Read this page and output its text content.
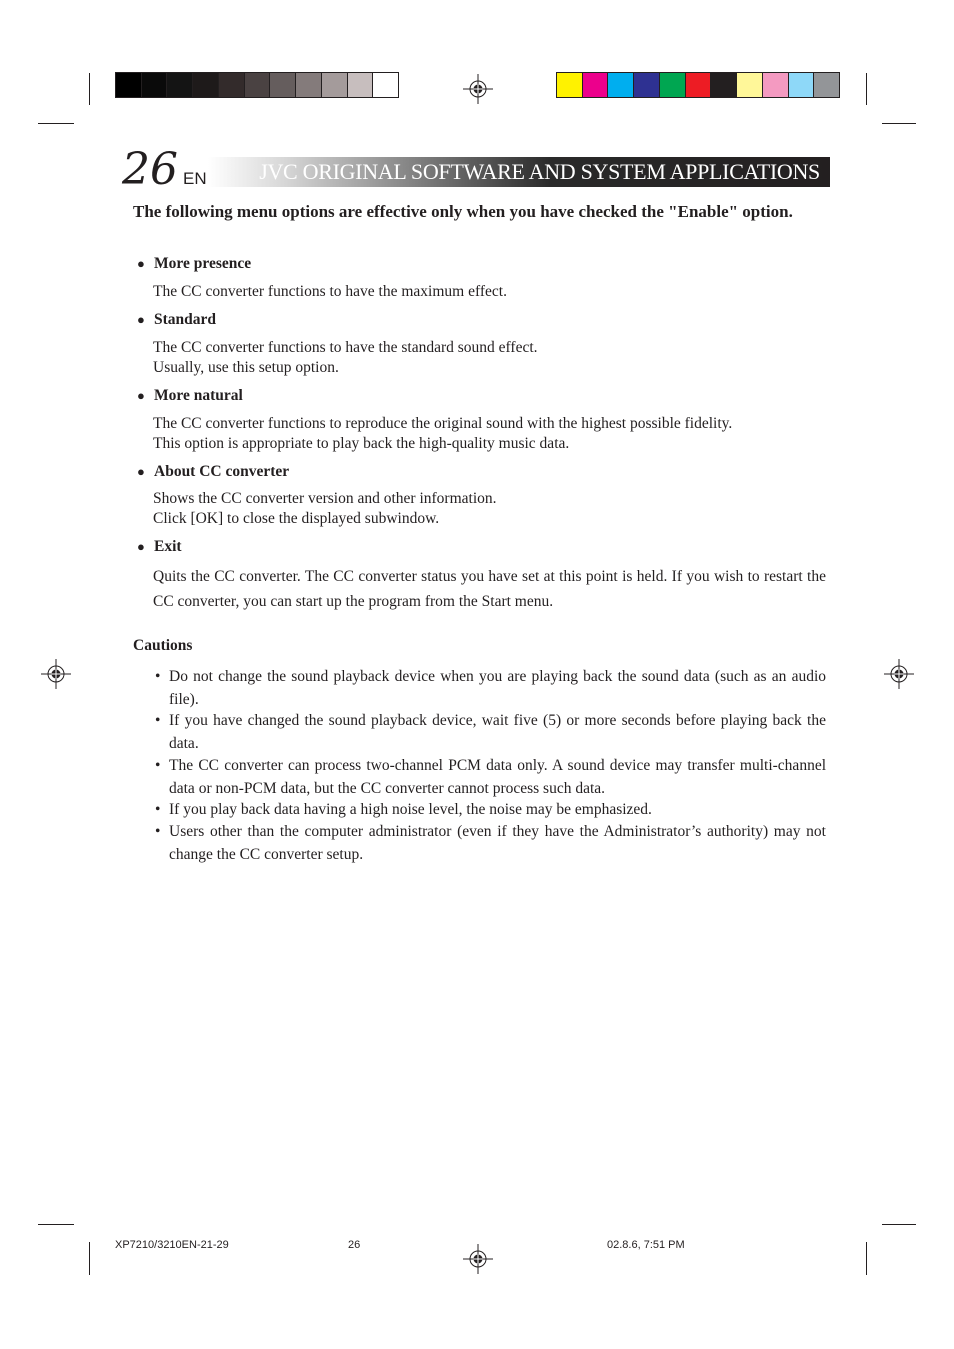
26 EN JVC ORIGINAL SOFTWARE AND SYSTEM APPLICATIONS
The following menu options are effective only when you have checked the "Enable" option.
● More presence
The CC converter functions to have the maximum effect.
● Standard
The CC converter functions to have the standard sound effect.
Usually, use this setup option.
● More natural
The CC converter functions to reproduce the original sound with the highest possible fidelity.
This option is appropriate to play back the high-quality music data.
● About CC converter
Shows the CC converter version and other information.
Click [OK] to close the displayed subwindow.
● Exit
Quits the CC converter. The CC converter status you have set at this point is held. If you wish to restart the CC converter, you can start up the program from the Start menu.
Cautions
• Do not change the sound playback device when you are playing back the sound data (such as an audio file).
• If you have changed the sound playback device, wait five (5) or more seconds before playing back the data.
• The CC converter can process two-channel PCM data only. A sound device may transfer multi-channel data or non-PCM data, but the CC converter cannot process such data.
• If you play back data having a high noise level, the noise may be emphasized.
• Users other than the computer administrator (even if they have the Administrator’s authority) may not change the CC converter setup.
XP7210/3210EN-21-29	26	02.8.6, 7:51 PM
